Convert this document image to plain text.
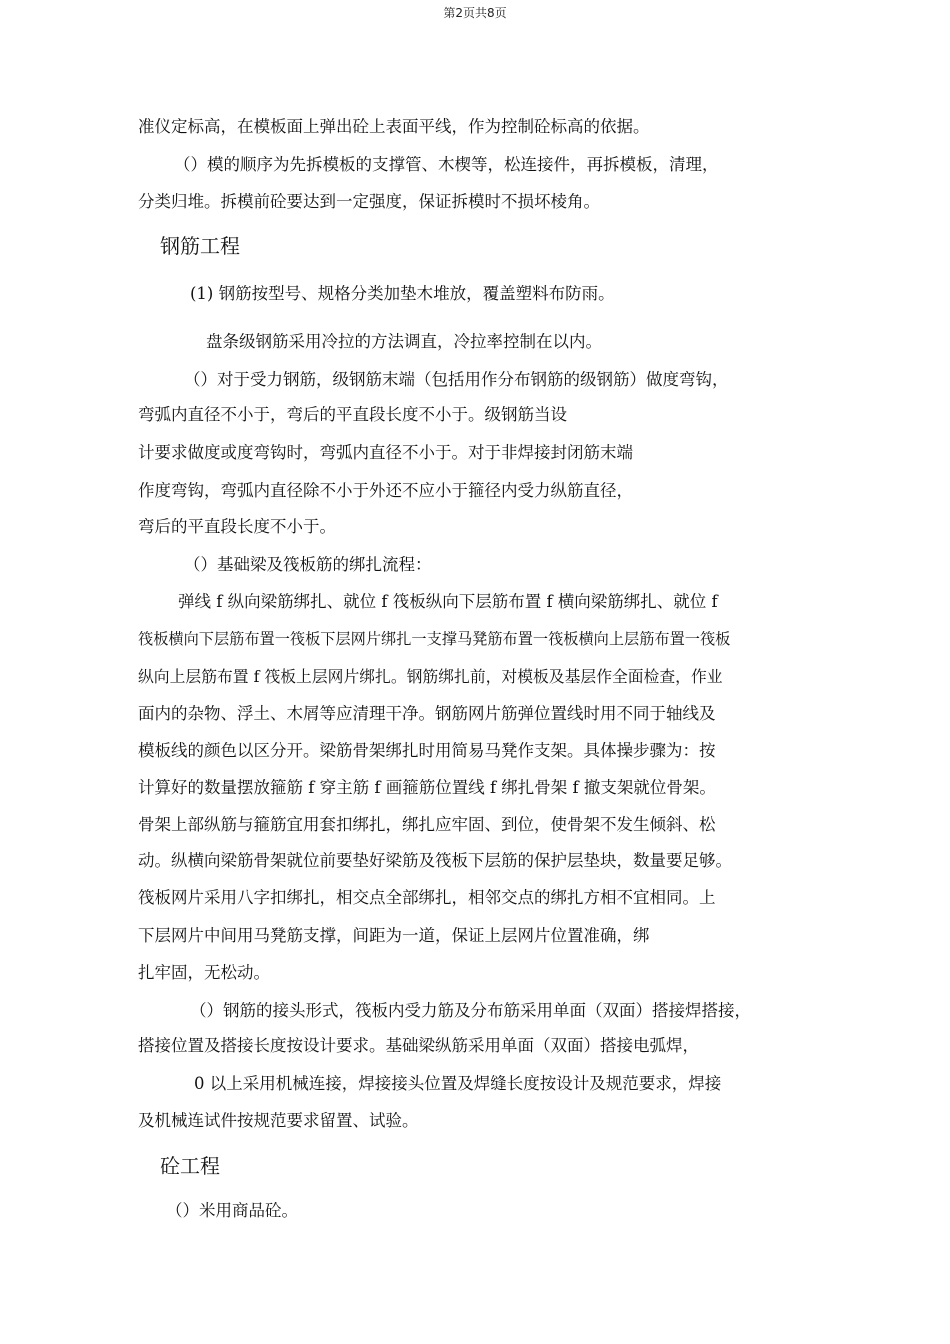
第2页共8页
准仪定标高，在模板面上弹出砼上表面平线，作为控制砼标高的依据。
（）模的顺序为先拆模板的支撑管、木楔等，松连接件，再拆模板，清理，
分类归堆。拆模前砼要达到一定强度，保证拆模时不损坏棱角。
钢筋工程
(1) 钢筋按型号、规格分类加垫木堆放，覆盖塑料布防雨。
盘条级钢筋采用冷拉的方法调直，冷拉率控制在以内。
（）对于受力钢筋，级钢筋末端（包括用作分布钢筋的级钢筋）做度弯钩，
弯弧内直径不小于，弯后的平直段长度不小于。级钢筋当设
计要求做度或度弯钩时，弯弧内直径不小于。对于非焊接封闭筋末端
作度弯钩，弯弧内直径除不小于外还不应小于箍径内受力纵筋直径，
弯后的平直段长度不小于。
（）基础梁及筏板筋的绑扎流程：
弹线 f 纵向梁筋绑扎、就位 f 筏板纵向下层筋布置 f 横向梁筋绑扎、就位 f
筏板横向下层筋布置一筏板下层网片绑扎一支撑马凳筋布置一筏板横向上层筋布置一筏板
纵向上层筋布置 f 筏板上层网片绑扎。钢筋绑扎前，对模板及基层作全面检查，作业
面内的杂物、浮土、木屑等应清理干净。钢筋网片筋弹位置线时用不同于轴线及
模板线的颜色以区分开。梁筋骨架绑扎时用简易马凳作支架。具体操步骤为：按
计算好的数量摆放箍筋 f 穿主筋 f 画箍筋位置线 f 绑扎骨架 f 撤支架就位骨架。
骨架上部纵筋与箍筋宜用套扣绑扎，绑扎应牢固、到位，使骨架不发生倾斜、松
动。纵横向梁筋骨架就位前要垫好梁筋及筏板下层筋的保护层垫块，数量要足够。
筏板网片采用八字扣绑扎，相交点全部绑扎，相邻交点的绑扎方相不宜相同。上
下层网片中间用马凳筋支撑，间距为一道，保证上层网片位置准确，绑
扎牢固，无松动。
（）钢筋的接头形式，筏板内受力筋及分布筋采用单面（双面）搭接焊搭接，
搭接位置及搭接长度按设计要求。基础梁纵筋采用单面（双面）搭接电弧焊，
0 以上采用机械连接，焊接接头位置及焊缝长度按设计及规范要求，焊接
及机械连试件按规范要求留置、试验。
砼工程
（）米用商品砼。
